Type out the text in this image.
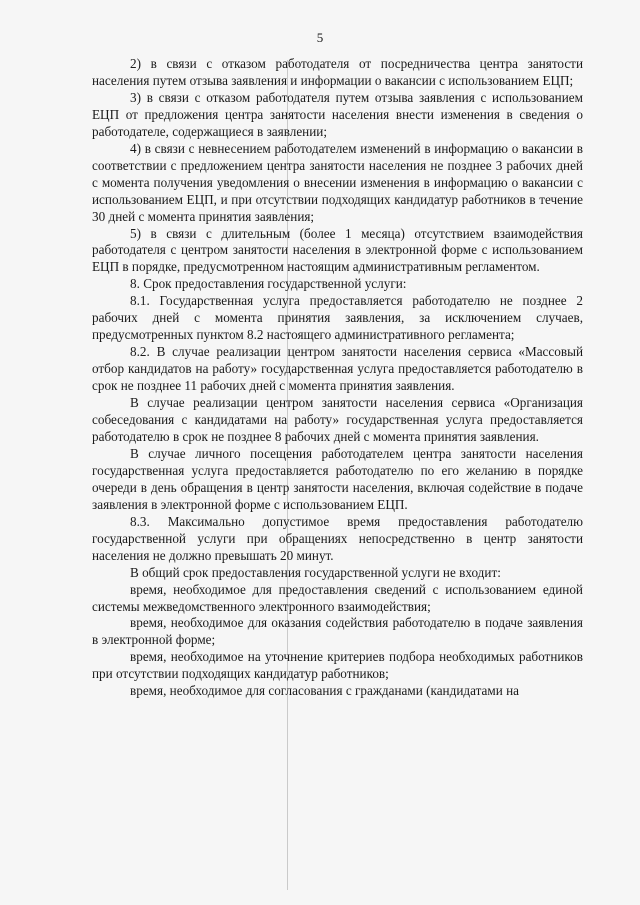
5

2) в связи с отказом работодателя от посредничества центра занятости населения путем отзыва заявления и информации о вакансии с использованием ЕЦП;

3) в связи с отказом работодателя путем отзыва заявления с использованием ЕЦП от предложения центра занятости населения внести изменения в сведения о работодателе, содержащиеся в заявлении;

4) в связи с невнесением работодателем изменений в информацию о вакансии в соответствии с предложением центра занятости населения не позднее 3 рабочих дней с момента получения уведомления о внесении изменения в информацию о вакансии с использованием ЕЦП, и при отсутствии подходящих кандидатур работников в течение 30 дней с момента принятия заявления;

5) в связи с длительным (более 1 месяца) отсутствием взаимодействия работодателя с центром занятости населения в электронной форме с использованием ЕЦП в порядке, предусмотренном настоящим административным регламентом.

8. Срок предоставления государственной услуги:

8.1. Государственная услуга предоставляется работодателю не позднее 2 рабочих дней с момента принятия заявления, за исключением случаев, предусмотренных пунктом 8.2 настоящего административного регламента;

8.2. В случае реализации центром занятости населения сервиса «Массовый отбор кандидатов на работу» государственная услуга предоставляется работодателю в срок не позднее 11 рабочих дней с момента принятия заявления.

В случае реализации центром занятости населения сервиса «Организация собеседования с кандидатами на работу» государственная услуга предоставляется работодателю в срок не позднее 8 рабочих дней с момента принятия заявления.

В случае личного посещения работодателем центра занятости населения государственная услуга предоставляется работодателю по его желанию в порядке очереди в день обращения в центр занятости населения, включая содействие в подаче заявления в электронной форме с использованием ЕЦП.

8.3. Максимально допустимое время предоставления работодателю государственной услуги при обращениях непосредственно в центр занятости населения не должно превышать 20 минут.

В общий срок предоставления государственной услуги не входит:

время, необходимое для предоставления сведений с использованием единой системы межведомственного электронного взаимодействия;

время, необходимое для оказания содействия работодателю в подаче заявления в электронной форме;

время, необходимое на уточнение критериев подбора необходимых работников при отсутствии подходящих кандидатур работников;

время, необходимое для согласования с гражданами (кандидатами на
